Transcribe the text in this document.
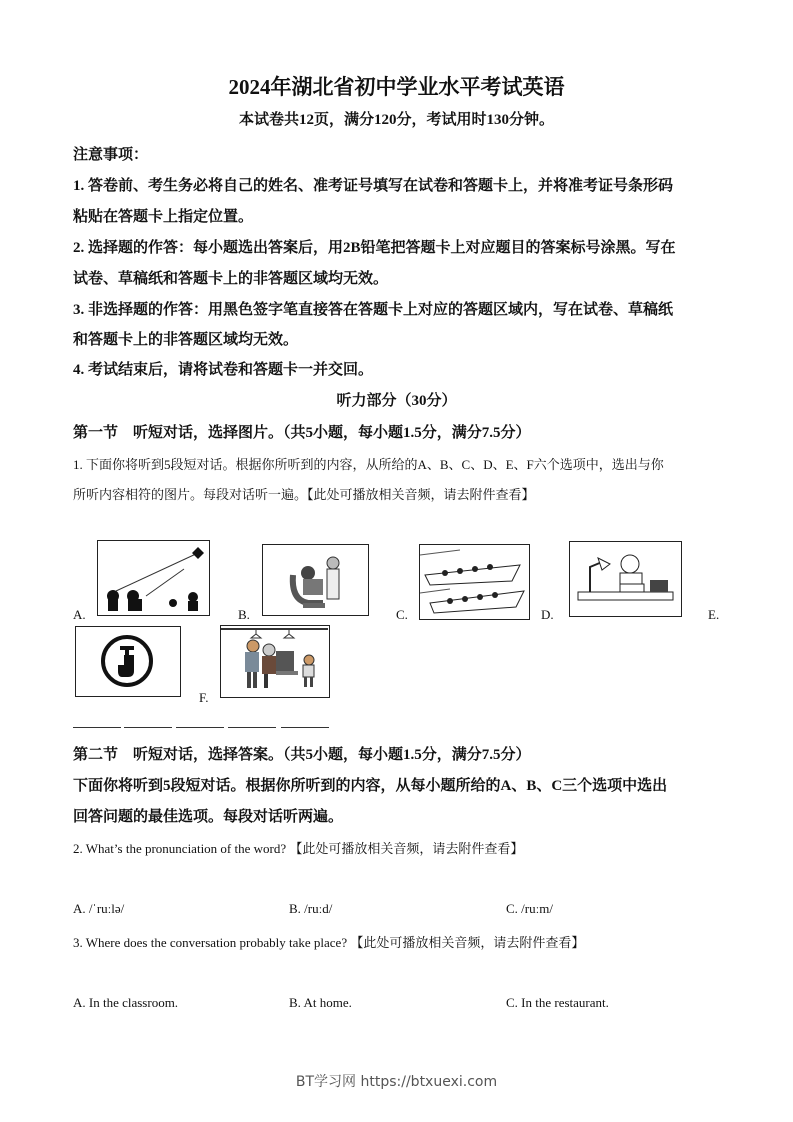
2024年湖北省初中学业水平考试英语
本试卷共12页，满分120分，考试用时130分钟。
注意事项：
1. 答卷前、考生务必将自己的姓名、准考证号填写在试卷和答题卡上，并将准考证号条形码
粘贴在答题卡上指定位置。
2. 选择题的作答：每小题选出答案后，用2B铅笔把答题卡上对应题目的答案标号涂黑。写在
试卷、草稿纸和答题卡上的非答题区域均无效。
3. 非选择题的作答：用黑色签字笔直接答在答题卡上对应的答题区域内，写在试卷、草稿纸
和答题卡上的非答题区域均无效。
4. 考试结束后，请将试卷和答题卡一并交回。
听力部分（30分）
第一节　听短对话，选择图片。（共5小题，每小题1.5分，满分7.5分）
1. 下面你将听到5段短对话。根据你所听到的内容，从所给的A、B、C、D、E、F六个选项中，选出与你
所听内容相符的图片。每段对话听一遍。【此处可播放相关音频，请去附件查看】
A.	B.	C.	D.	E.
F.
第二节　听短对话，选择答案。（共5小题，每小题1.5分，满分7.5分）
下面你将听到5段短对话。根据你所听到的内容，从每小题所给的A、B、C三个选项中选出
回答问题的最佳选项。每段对话听两遍。
2. What’s the pronunciation of the word? 【此处可播放相关音频，请去附件查看】
A. /ˈruːlə/	B. /ruːd/	C. /ruːm/
3. Where does the conversation probably take place? 【此处可播放相关音频，请去附件查看】
A. In the classroom.	B. At home.	C. In the restaurant.
BT学习网 https://btxuexi.com
